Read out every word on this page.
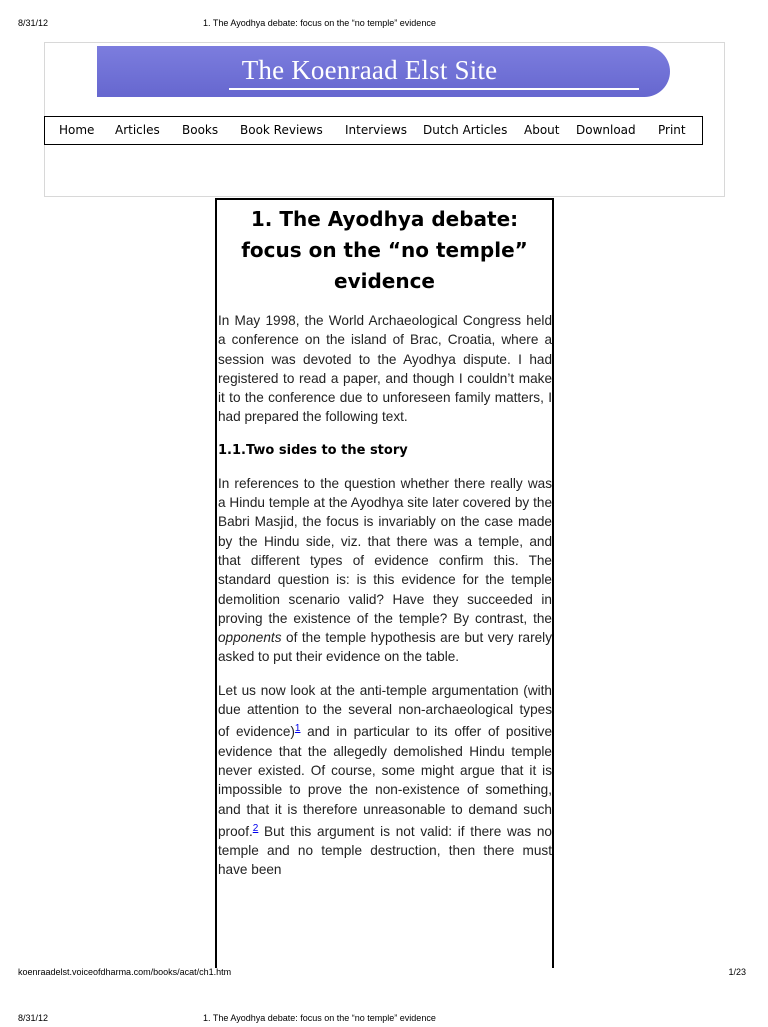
8/31/12	1. The Ayodhya debate: focus on the “no temple” evidence
The Koenraad Elst Site
Home Articles Books Book Reviews Interviews Dutch Articles About Download Print
1. The Ayodhya debate: focus on the “no temple” evidence

In May 1998, the World Archaeological Congress held a conference on the island of Brac, Croatia, where a session was devoted to the Ayodhya dispute. I had registered to read a paper, and though I couldn’t make it to the conference due to unforeseen family matters, I had prepared the following text.

1.1.Two sides to the story

In references to the question whether there really was a Hindu temple at the Ayodhya site later covered by the Babri Masjid, the focus is invariably on the case made by the Hindu side, viz. that there was a temple, and that different types of evidence confirm this. The standard question is: is this evidence for the temple demolition scenario valid? Have they succeeded in proving the existence of the temple? By contrast, the opponents of the temple hypothesis are but very rarely asked to put their evidence on the table.

Let us now look at the anti-temple argumentation (with due attention to the several non-archaeological types of evidence)$^1$ and in particular to its offer of positive evidence that the allegedly demolished Hindu temple never existed. Of course, some might argue that it is impossible to prove the non-existence of something, and that it is therefore unreasonable to demand such proof.$^2$ But this argument is not valid: if there was no temple and no temple destruction, then there must have been

koenraadelst.voiceofdharma.com/books/acat/ch1.htm	1/23
8/31/12	1. The Ayodhya debate: focus on the “no temple” evidence
